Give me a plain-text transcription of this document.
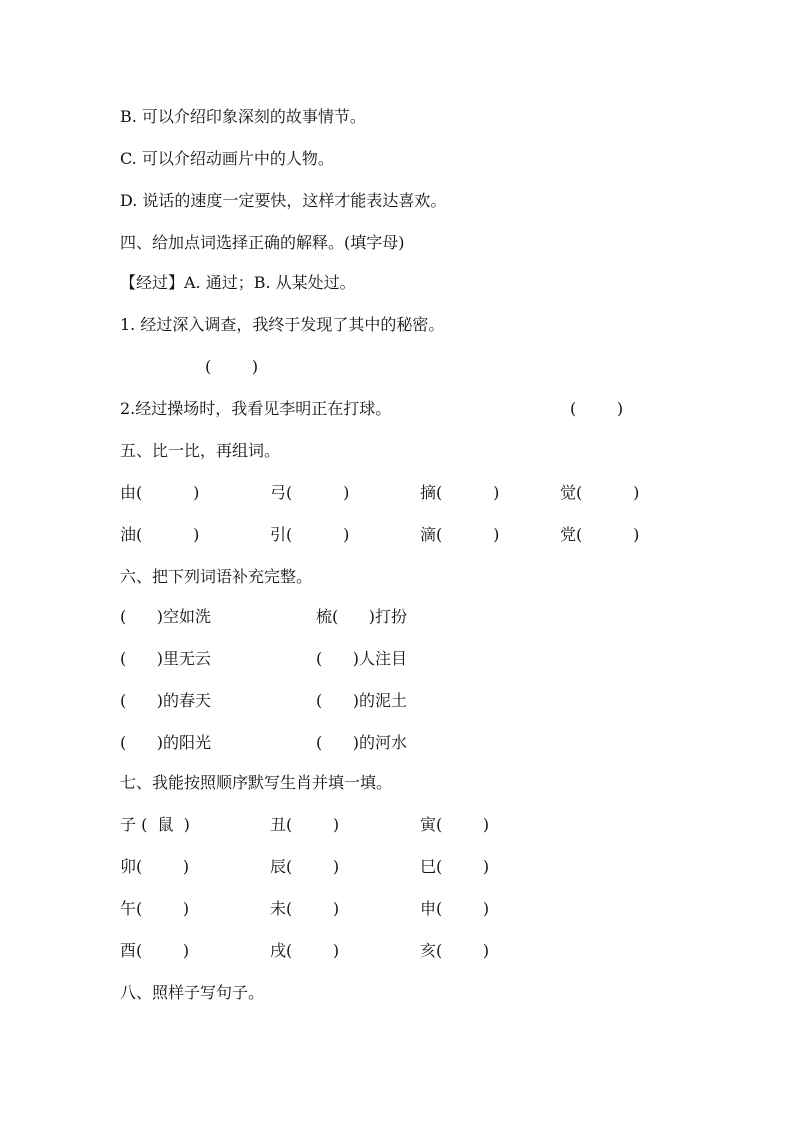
B. 可以介绍印象深刻的故事情节。
C. 可以介绍动画片中的人物。
D. 说话的速度一定要快，这样才能表达喜欢。
四、给加点词选择正确的解释。(填字母)
【经过】A. 通过；B. 从某处过。
1. 经过深入调查，我终于发现了其中的秘密。
(        )
2.经过操场时，我看见李明正在打球。	(        )
五、比一比，再组词。
由(          )	弓(          )	摘(          )	觉(          )
油(          )	引(          )	滴(          )	党(          )
六、把下列词语补充完整。
(      )空如洗	梳(      )打扮
(      )里无云	(      )人注目
(      )的春天	(      )的泥土
(      )的阳光	(      )的河水
七、我能按照顺序默写生肖并填一填。
子 (  鼠  )	丑(        )	寅(        )
卯(        )	辰(        )	巳(        )
午(        )	未(        )	申(        )
酉(        )	戌(        )	亥(        )
八、照样子写句子。
